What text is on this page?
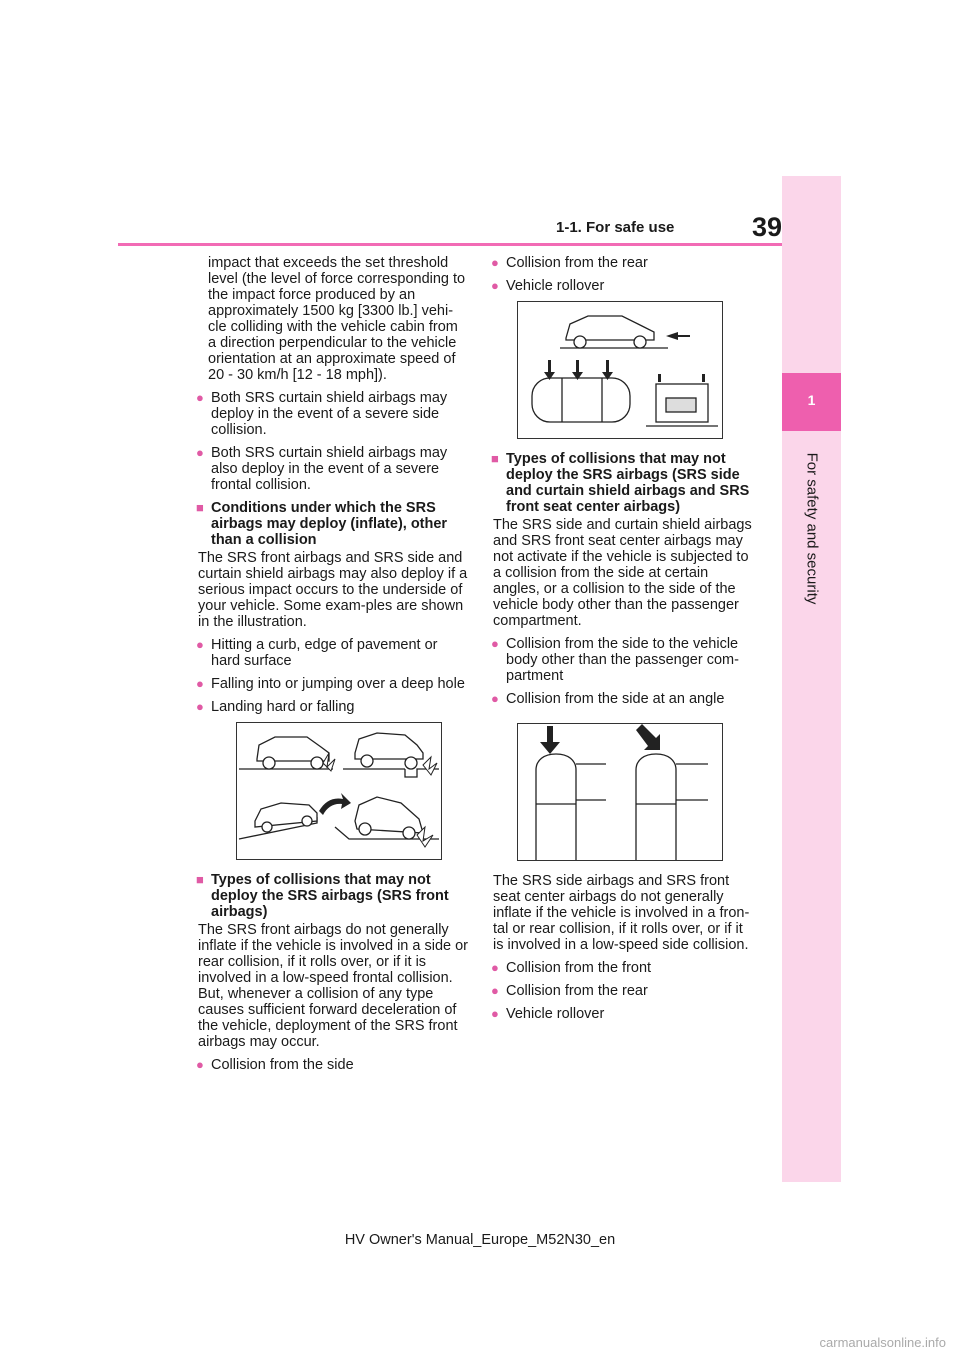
39
1-1. For safe use
1
For safety and security

impact that exceeds the set threshold level (the level of force corresponding to the impact force produced by an approximately 1500 kg [3300 lb.] vehi-cle colliding with the vehicle cabin from a direction perpendicular to the vehicle orientation at an approximate speed of 20 - 30 km/h [12 - 18 mph]).

● Both SRS curtain shield airbags may deploy in the event of a severe side collision.
● Both SRS curtain shield airbags may also deploy in the event of a severe frontal collision.
■ Conditions under which the SRS airbags may deploy (inflate), other than a collision

The SRS front airbags and SRS side and curtain shield airbags may also deploy if a serious impact occurs to the underside of your vehicle. Some exam-ples are shown in the illustration.

● Hitting a curb, edge of pavement or hard surface
● Falling into or jumping over a deep hole
● Landing hard or falling
■ Types of collisions that may not deploy the SRS airbags (SRS front airbags)

The SRS front airbags do not generally inflate if the vehicle is involved in a side or rear collision, if it rolls over, or if it is involved in a low-speed frontal collision. But, whenever a collision of any type causes sufficient forward deceleration of the vehicle, deployment of the SRS front airbags may occur.

● Collision from the side
● Collision from the rear
● Vehicle rollover
■ Types of collisions that may not deploy the SRS airbags (SRS side and curtain shield airbags and SRS front seat center airbags)

The SRS side and curtain shield airbags and SRS front seat center airbags may not activate if the vehicle is subjected to a collision from the side at certain angles, or a collision to the side of the vehicle body other than the passenger compartment.

● Collision from the side to the vehicle body other than the passenger com-partment
● Collision from the side at an angle

The SRS side airbags and SRS front seat center airbags do not generally inflate if the vehicle is involved in a fron-tal or rear collision, if it rolls over, or if it is involved in a low-speed side collision.

● Collision from the front
● Collision from the rear
● Vehicle rollover
HV Owner's Manual_Europe_M52N30_en
carmanualsonline.info
